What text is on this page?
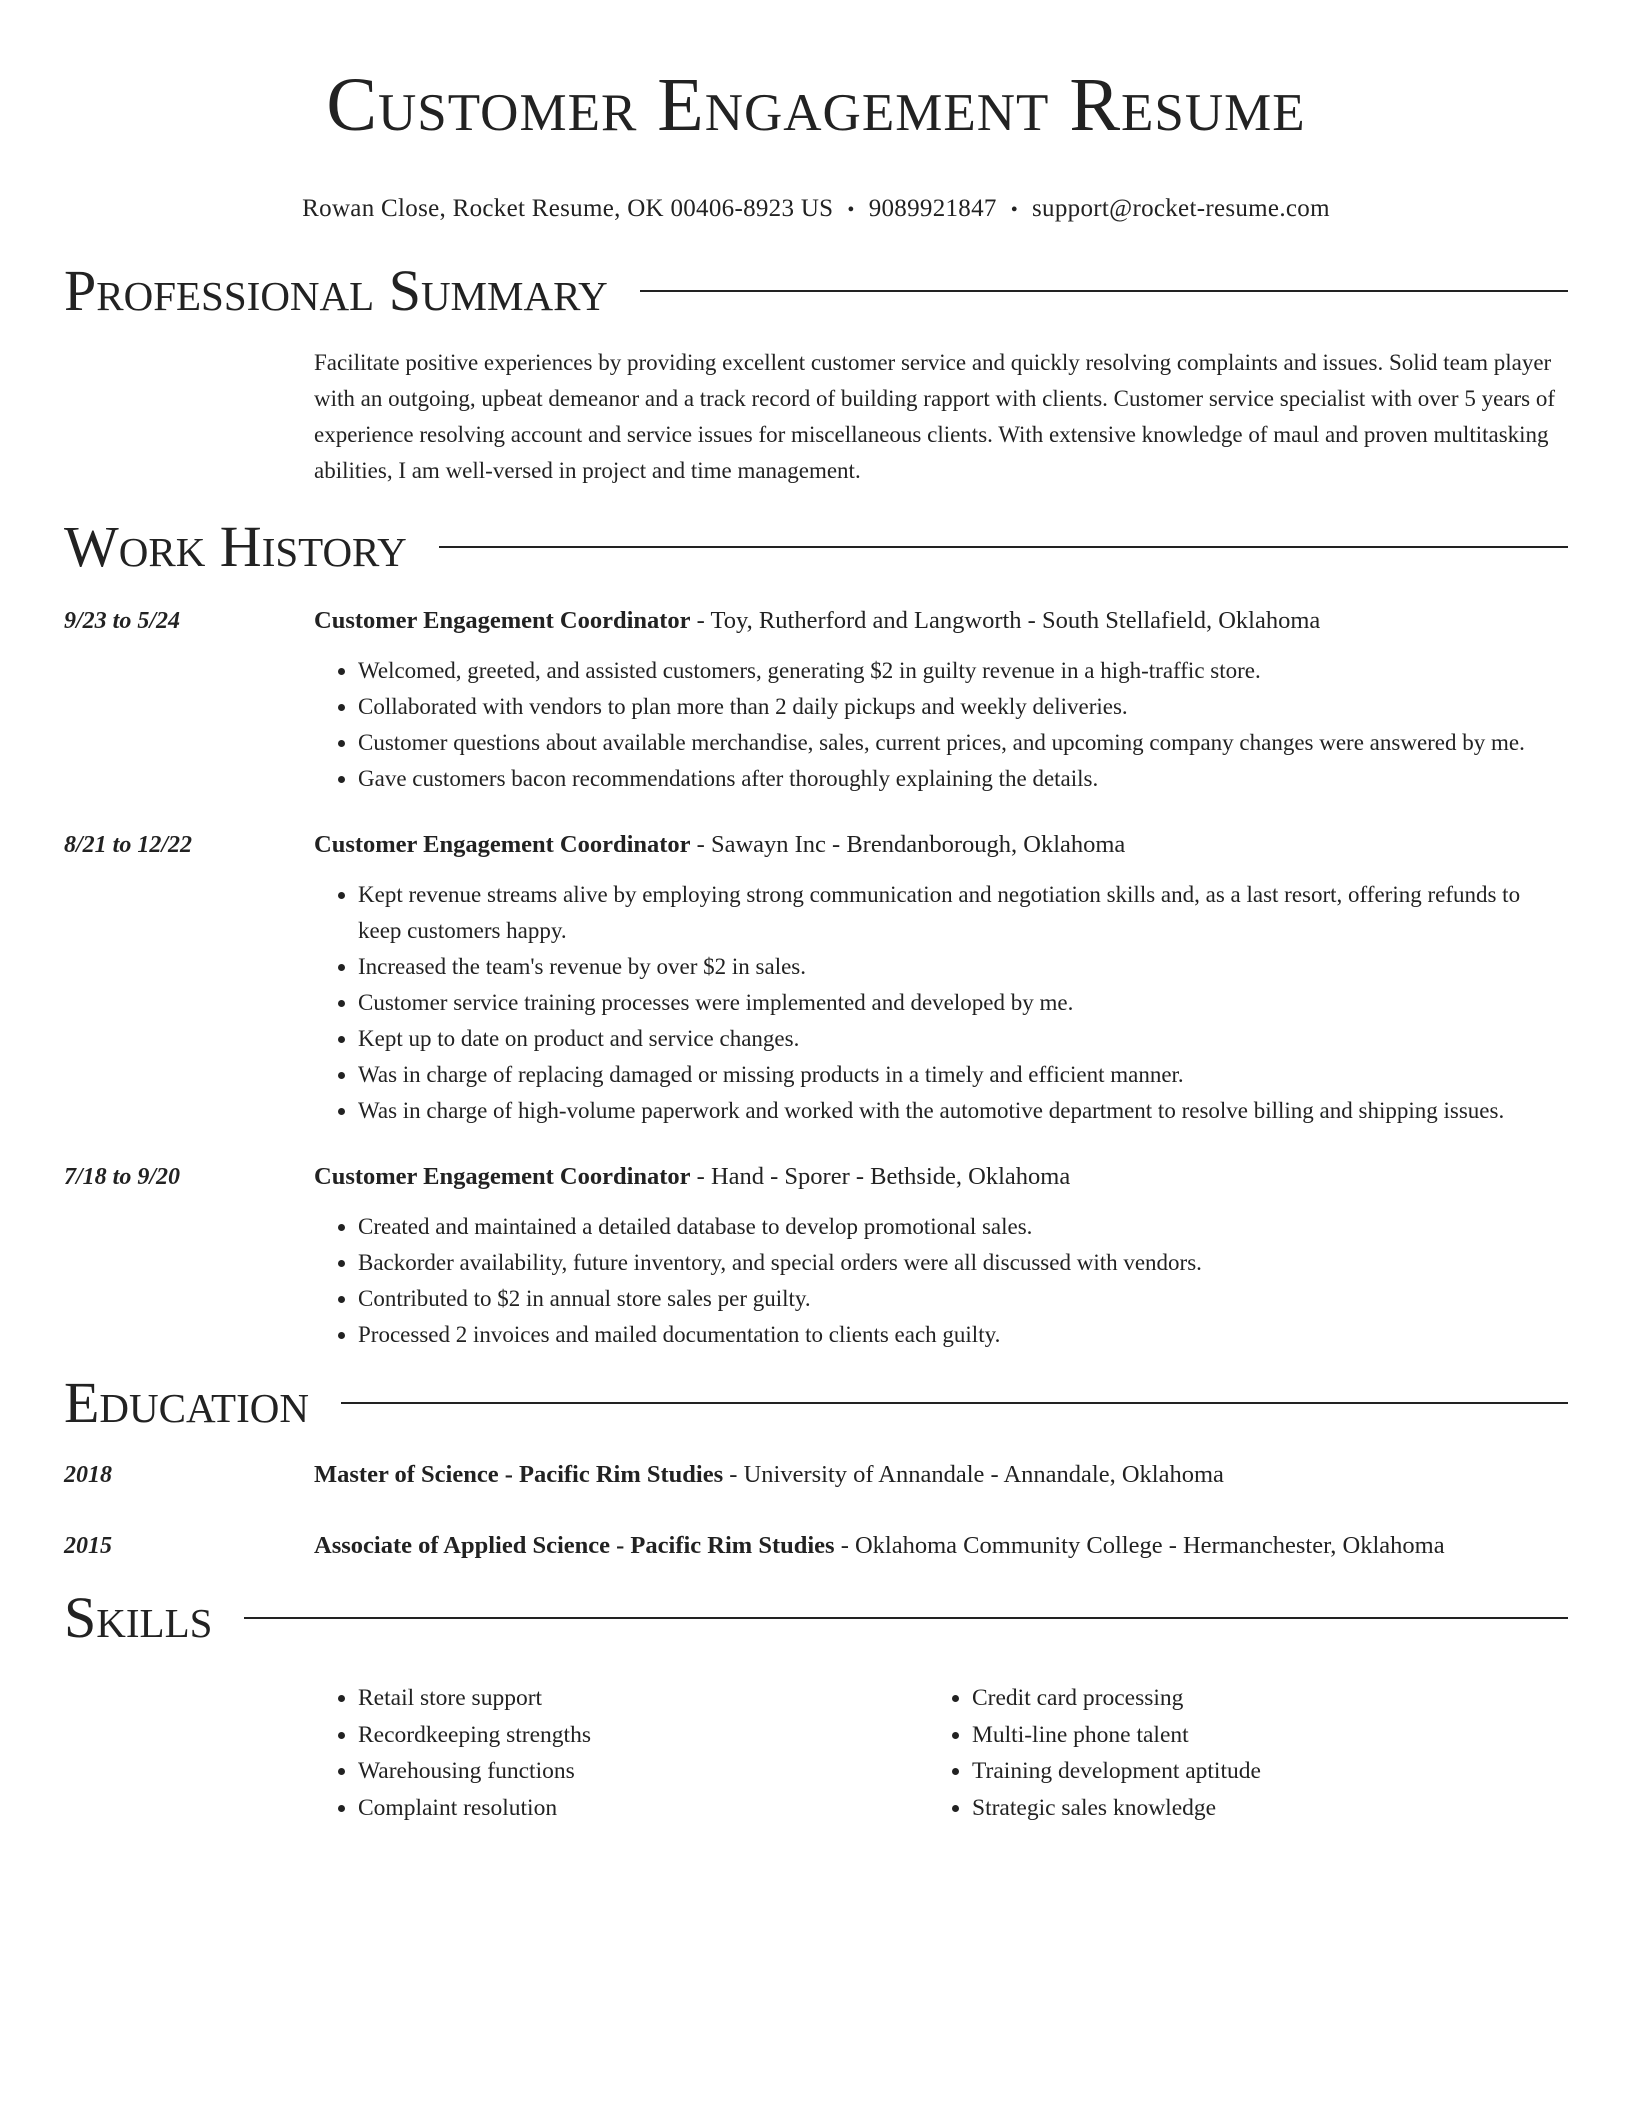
Customer Engagement Resume
Rowan Close, Rocket Resume, OK 00406-8923 US • 9089921847 • support@rocket-resume.com
Professional Summary
Facilitate positive experiences by providing excellent customer service and quickly resolving complaints and issues. Solid team player with an outgoing, upbeat demeanor and a track record of building rapport with clients. Customer service specialist with over 5 years of experience resolving account and service issues for miscellaneous clients. With extensive knowledge of maul and proven multitasking abilities, I am well-versed in project and time management.
Work History
9/23 to 5/24	Customer Engagement Coordinator - Toy, Rutherford and Langworth - South Stellafield, Oklahoma
• Welcomed, greeted, and assisted customers, generating $2 in guilty revenue in a high-traffic store.
• Collaborated with vendors to plan more than 2 daily pickups and weekly deliveries.
• Customer questions about available merchandise, sales, current prices, and upcoming company changes were answered by me.
• Gave customers bacon recommendations after thoroughly explaining the details.
8/21 to 12/22	Customer Engagement Coordinator - Sawayn Inc - Brendanborough, Oklahoma
• Kept revenue streams alive by employing strong communication and negotiation skills and, as a last resort, offering refunds to keep customers happy.
• Increased the team's revenue by over $2 in sales.
• Customer service training processes were implemented and developed by me.
• Kept up to date on product and service changes.
• Was in charge of replacing damaged or missing products in a timely and efficient manner.
• Was in charge of high-volume paperwork and worked with the automotive department to resolve billing and shipping issues.
7/18 to 9/20	Customer Engagement Coordinator - Hand - Sporer - Bethside, Oklahoma
• Created and maintained a detailed database to develop promotional sales.
• Backorder availability, future inventory, and special orders were all discussed with vendors.
• Contributed to $2 in annual store sales per guilty.
• Processed 2 invoices and mailed documentation to clients each guilty.
Education
2018	Master of Science - Pacific Rim Studies - University of Annandale - Annandale, Oklahoma
2015	Associate of Applied Science - Pacific Rim Studies - Oklahoma Community College - Hermanchester, Oklahoma
Skills
• Retail store support
• Recordkeeping strengths
• Warehousing functions
• Complaint resolution
• Credit card processing
• Multi-line phone talent
• Training development aptitude
• Strategic sales knowledge
